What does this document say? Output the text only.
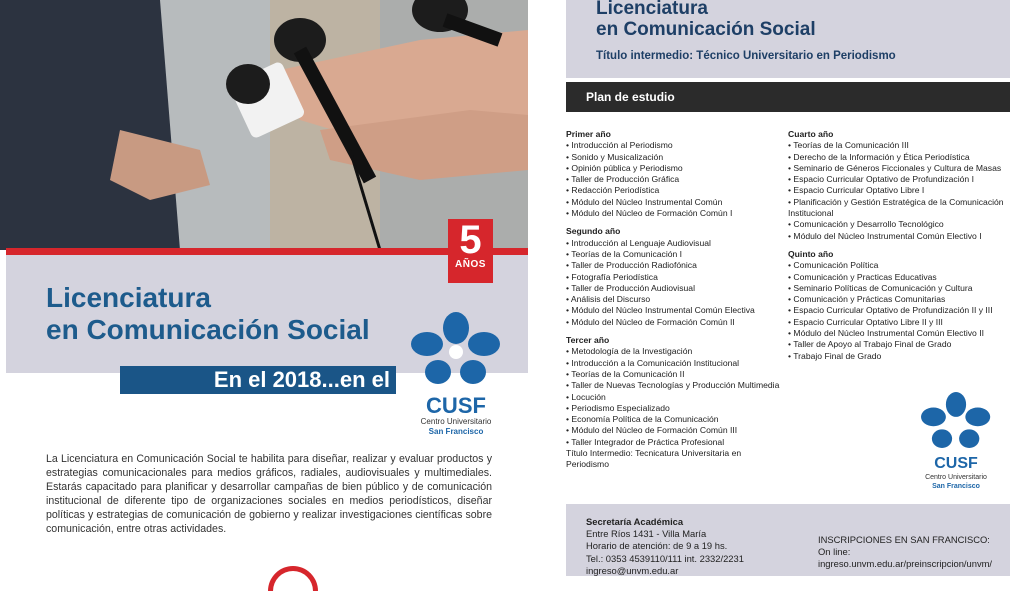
5
AÑOS
Licenciatura
en Comunicación Social
En el 2018...en el
CUSF
Centro Universitario
San Francisco

La Licenciatura en Comunicación Social te habilita para diseñar, realizar y evaluar productos y estrategias comunicacionales para medios gráficos, radiales, audiovisuales y multimediales. Estarás capacitado para planificar y desarrollar campañas de bien público y de comunicación institucional de diferente tipo de organizaciones sociales en medios periodísticos, diseñar políticas y estrategias de comunicación de gobierno y realizar investigaciones científicas sobre comunicación, entre otras actividades.

Licenciatura
en Comunicación Social
Título intermedio: Técnico Universitario en Periodismo
Plan de estudio
Primer año
• Introducción al Periodismo
• Sonido y Musicalización
• Opinión pública y Periodismo
• Taller de Producción Gráfica
• Redacción Periodística
• Módulo del Núcleo Instrumental Común
• Módulo del Núcleo de Formación Común I
Segundo año
• Introducción al Lenguaje Audiovisual
• Teorías de la Comunicación I
• Taller de Producción Radiofónica
• Fotografía Periodística
• Taller de Producción Audiovisual
• Análisis del Discurso
• Módulo del Núcleo Instrumental Común Electiva
• Módulo del Núcleo de Formación Común II
Tercer año
• Metodología de la Investigación
• Introducción a la Comunicación Institucional
• Teorías de la Comunicación II
• Taller de Nuevas Tecnologías y Producción Multimedia
• Locución
• Periodismo Especializado
• Economía Política de la Comunicación
• Módulo del Núcleo de Formación Común III
• Taller Integrador de Práctica Profesional
Título Intermedio: Tecnicatura Universitaria en Periodismo
Cuarto año
• Teorías de la Comunicación III
• Derecho de la Información y Ética Periodística
• Seminario de Géneros Ficcionales y Cultura de Masas
• Espacio Curricular Optativo de Profundización I
• Espacio Curricular Optativo Libre I
• Planificación y Gestión Estratégica de la Comunicación Institucional
• Comunicación y Desarrollo Tecnológico
• Módulo del Núcleo Instrumental Común Electivo I
Quinto año
• Comunicación Política
• Comunicación y Practicas Educativas
• Seminario Políticas de Comunicación y Cultura
• Comunicación y Prácticas Comunitarias
• Espacio Curricular Optativo de Profundización II y III
• Espacio Curricular Optativo Libre II y III
• Módulo del Núcleo Instrumental Común Electivo II
• Taller de Apoyo al Trabajo Final de Grado
• Trabajo Final de Grado
CUSF
Centro Universitario
San Francisco
Secretaría Académica
Entre Ríos 1431 - Villa María
Horario de atención: de 9 a 19 hs.
Tel.: 0353 4539110/111 int. 2332/2231
ingreso@unvm.edu.ar
INSCRIPCIONES EN SAN FRANCISCO:
On line:
ingreso.unvm.edu.ar/preinscripcion/unvm/
